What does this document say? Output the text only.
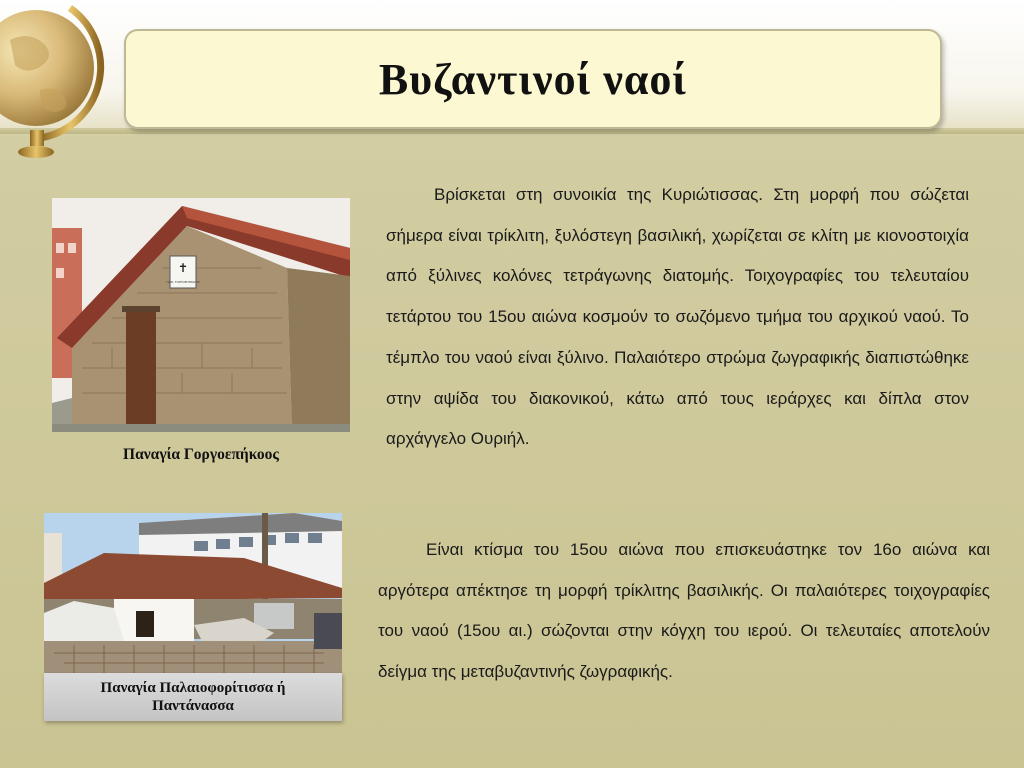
Βυζαντινοί ναοί
✝
ΠΑΝ. ΓΟΡΓΟΕΠΗΚΟΟΣ
Παναγία Γοργοεπήκοος
Παναγία Παλαιοφορίτισσα ή
Παντάνασσα

Βρίσκεται στη συνοικία της Κυριώτισσας. Στη μορφή που σώζεται σήμερα είναι τρίκλιτη, ξυλόστεγη βασιλική, χωρίζεται σε κλίτη με κιονοστοιχία από ξύλινες κολόνες τετράγωνης διατομής. Τοιχογραφίες του τελευταίου τετάρτου του 15ου αιώνα κοσμούν το σωζόμενο τμήμα του αρχικού ναού. Το τέμπλο του ναού είναι ξύλινο. Παλαιότερο στρώμα ζωγραφικής διαπιστώθηκε στην αψίδα του διακονικού, κάτω από τους ιεράρχες και δίπλα στον αρχάγγελο Ουριήλ.

Είναι κτίσμα του 15ου αιώνα που επισκευάστηκε τον 16ο αιώνα και αργότερα απέκτησε τη μορφή τρίκλιτης βασιλικής. Οι παλαιότερες τοιχογραφίες του ναού (15ου αι.) σώζονται στην κόγχη του ιερού. Οι τελευταίες αποτελούν δείγμα της μεταβυζαντινής ζωγραφικής.
